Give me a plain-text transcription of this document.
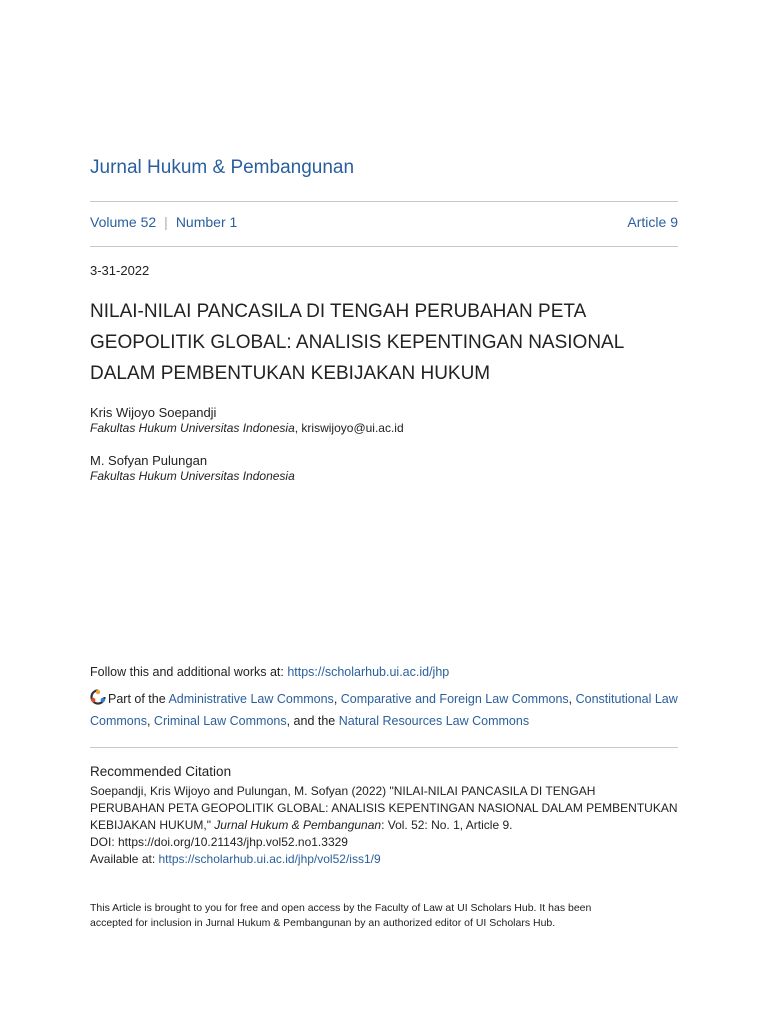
Jurnal Hukum & Pembangunan
Volume 52 | Number 1	Article 9
3-31-2022
NILAI-NILAI PANCASILA DI TENGAH PERUBAHAN PETA
GEOPOLITIK GLOBAL: ANALISIS KEPENTINGAN NASIONAL
DALAM PEMBENTUKAN KEBIJAKAN HUKUM
Kris Wijoyo Soepandji
Fakultas Hukum Universitas Indonesia, kriswijoyo@ui.ac.id
M. Sofyan Pulungan
Fakultas Hukum Universitas Indonesia
Follow this and additional works at: https://scholarhub.ui.ac.id/jhp
Part of the Administrative Law Commons, Comparative and Foreign Law Commons, Constitutional Law Commons, Criminal Law Commons, and the Natural Resources Law Commons
Recommended Citation
Soepandji, Kris Wijoyo and Pulungan, M. Sofyan (2022) "NILAI-NILAI PANCASILA DI TENGAH
PERUBAHAN PETA GEOPOLITIK GLOBAL: ANALISIS KEPENTINGAN NASIONAL DALAM PEMBENTUKAN
KEBIJAKAN HUKUM," Jurnal Hukum & Pembangunan: Vol. 52: No. 1, Article 9.
DOI: https://doi.org/10.21143/jhp.vol52.no1.3329
Available at: https://scholarhub.ui.ac.id/jhp/vol52/iss1/9
This Article is brought to you for free and open access by the Faculty of Law at UI Scholars Hub. It has been
accepted for inclusion in Jurnal Hukum & Pembangunan by an authorized editor of UI Scholars Hub.
